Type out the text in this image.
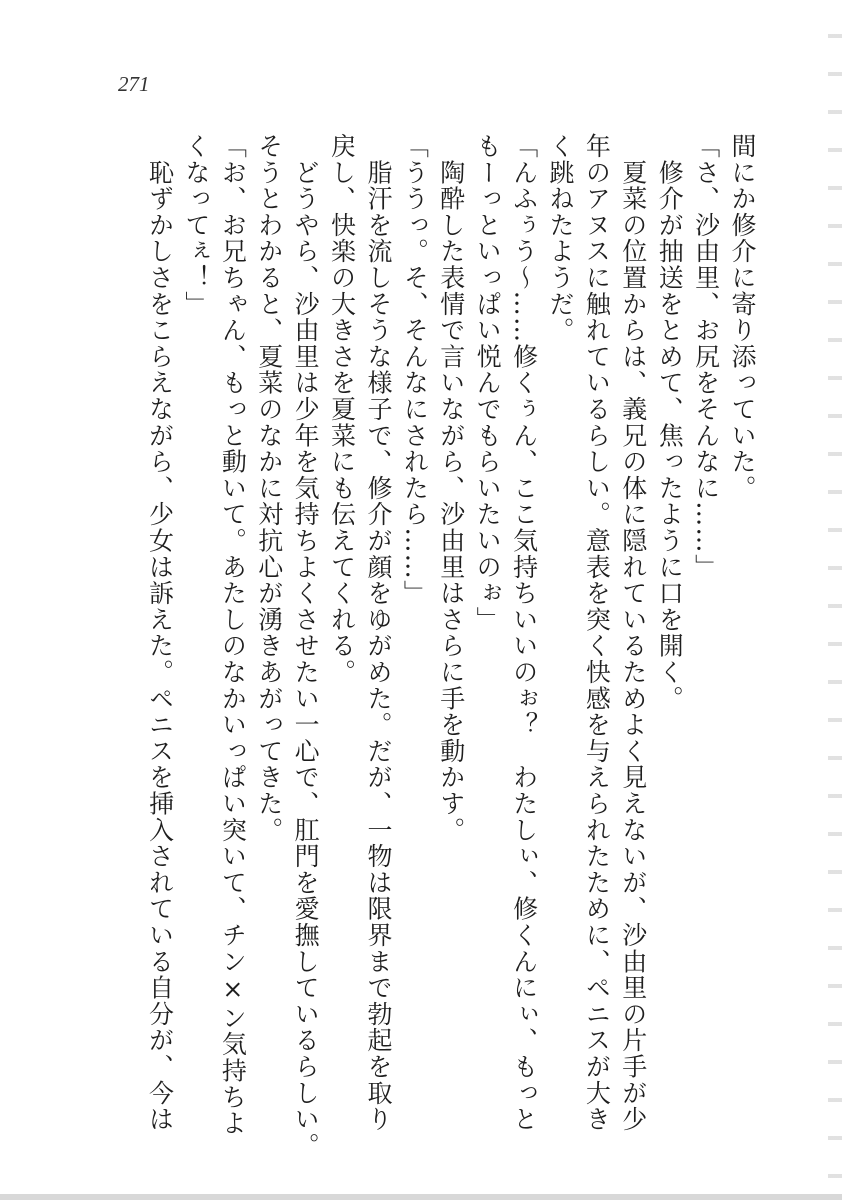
271
間にか修介に寄り添っていた。
「さ、沙由里、お尻をそんなに……」
　修介が抽送をとめて、焦ったように口を開く。
　夏菜の位置からは、義兄の体に隠れているためよく見えないが、沙由里の片手が少
年のアヌスに触れているらしい。意表を突く快感を与えられたために、ペニスが大き
く跳ねたようだ。
「んふぅう〜……修くぅん、ここ気持ちいいのぉ？　わたしぃ、修くんにぃ、もっと
もーっといっぱい悦んでもらいたいのぉ」
　陶酔した表情で言いながら、沙由里はさらに手を動かす。
「ううっ。そ、そんなにされたら……」
　脂汗を流しそうな様子で、修介が顔をゆがめた。だが、一物は限界まで勃起を取り
戻し、快楽の大きさを夏菜にも伝えてくれる。
　どうやら、沙由里は少年を気持ちよくさせたい一心で、肛門を愛撫しているらしい。
そうとわかると、夏菜のなかに対抗心が湧きあがってきた。
「お、お兄ちゃん、もっと動いて。あたしのなかいっぱい突いて、チン×ン気持ちよ
くなってぇ！」
　恥ずかしさをこらえながら、少女は訴えた。ペニスを挿入されている自分が、今は
